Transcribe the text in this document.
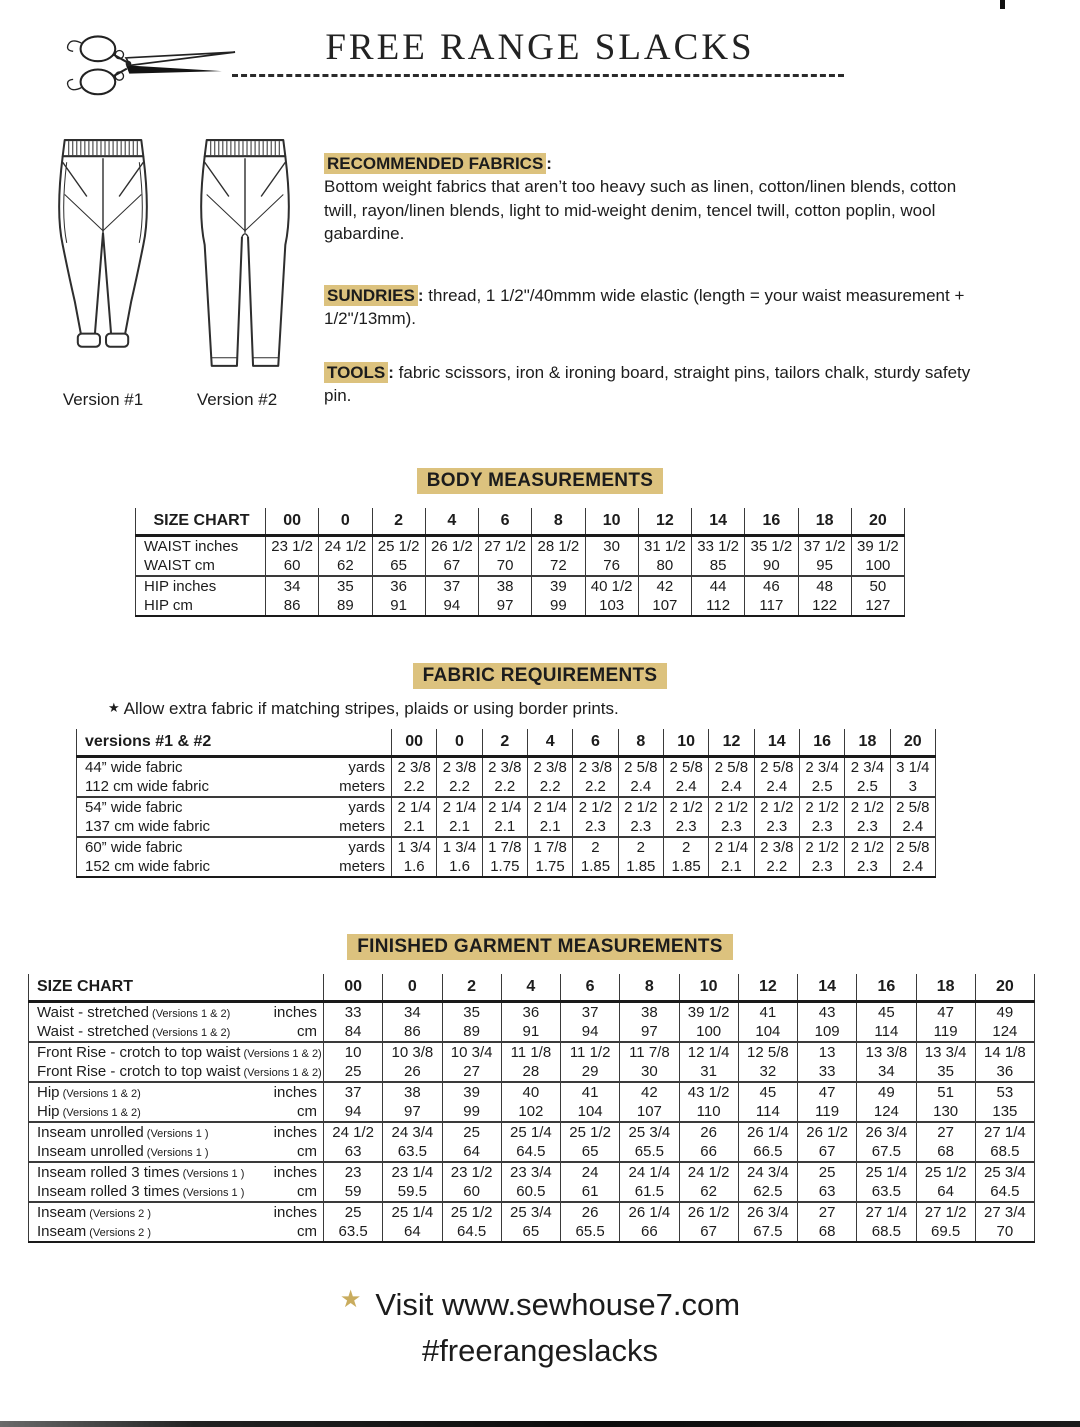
FREE RANGE SLACKS
Version #1	Version #2
RECOMMENDED FABRICS :
Bottom weight fabrics that aren’t too heavy such as linen, cotton/linen blends, cotton twill, rayon/linen blends, light to mid-weight denim, tencel twill, cotton poplin, wool gabardine.
SUNDRIES : thread, 1 1/2"/40mmm wide elastic (length = your waist measurement + 1/2"/13mm).
TOOLS : fabric scissors, iron & ironing board, straight pins, tailors chalk, sturdy safety pin.
BODY MEASUREMENTS
SIZE CHART	00	0	2	4	6	8	10	12	14	16	18	20

WAIST inches	23 1/2	24 1/2	25 1/2	26 1/2	27 1/2	28 1/2	30	31 1/2	33 1/2	35 1/2	37 1/2	39 1/2

WAIST cm	60	62	65	67	70	72	76	80	85	90	95	100

HIP inches	34	35	36	37	38	39	40 1/2	42	44	46	48	50

HIP cm	86	89	91	94	97	99	103	107	112	117	122	127
FABRIC REQUIREMENTS
★ Allow extra fabric if matching stripes, plaids or using border prints.
versions #1 & #2	00	0	2	4	6	8	10	12	14	16	18	20

44” wide fabric yards	2 3/8	2 3/8	2 3/8	2 3/8	2 3/8	2 5/8	2 5/8	2 5/8	2 5/8	2 3/4	2 3/4	3 1/4

112 cm wide fabric meters	2.2	2.2	2.2	2.2	2.2	2.4	2.4	2.4	2.4	2.5	2.5	3

54” wide fabric yards	2 1/4	2 1/4	2 1/4	2 1/4	2 1/2	2 1/2	2 1/2	2 1/2	2 1/2	2 1/2	2 1/2	2 5/8

137 cm wide fabric meters	2.1	2.1	2.1	2.1	2.3	2.3	2.3	2.3	2.3	2.3	2.3	2.4

60” wide fabric yards	1 3/4	1 3/4	1 7/8	1 7/8	2	2	2	2 1/4	2 3/8	2 1/2	2 1/2	2 5/8

152 cm wide fabric meters	1.6	1.6	1.75	1.75	1.85	1.85	1.85	2.1	2.2	2.3	2.3	2.4
FINISHED GARMENT MEASUREMENTS
SIZE CHART	00	0	2	4	6	8	10	12	14	16	18	20

Waist - stretched (Versions 1 & 2) inches	33	34	35	36	37	38	39 1/2	41	43	45	47	49

Waist - stretched (Versions 1 & 2) cm	84	86	89	91	94	97	100	104	109	114	119	124

Front Rise - crotch to top waist (Versions 1 & 2)	10	10 3/8	10 3/4	11 1/8	11 1/2	11 7/8	12 1/4	12 5/8	13	13 3/8	13 3/4	14 1/8

Front Rise - crotch to top waist (Versions 1 & 2)	25	26	27	28	29	30	31	32	33	34	35	36

Hip (Versions 1 & 2) inches	37	38	39	40	41	42	43 1/2	45	47	49	51	53

Hip (Versions 1 & 2) cm	94	97	99	102	104	107	110	114	119	124	130	135

Inseam unrolled (Versions 1 ) inches	24 1/2	24 3/4	25	25 1/4	25 1/2	25 3/4	26	26 1/4	26 1/2	26 3/4	27	27 1/4

Inseam unrolled (Versions 1 ) cm	63	63.5	64	64.5	65	65.5	66	66.5	67	67.5	68	68.5

Inseam rolled 3 times (Versions 1 ) inches	23	23 1/4	23 1/2	23 3/4	24	24 1/4	24 1/2	24 3/4	25	25 1/4	25 1/2	25 3/4

Inseam rolled 3 times (Versions 1 ) cm	59	59.5	60	60.5	61	61.5	62	62.5	63	63.5	64	64.5

Inseam (Versions 2 ) inches	25	25 1/4	25 1/2	25 3/4	26	26 1/4	26 1/2	26 3/4	27	27 1/4	27 1/2	27 3/4

Inseam (Versions 2 ) cm	63.5	64	64.5	65	65.5	66	67	67.5	68	68.5	69.5	70
★ Visit www.sewhouse7.com
#freerangeslacks
